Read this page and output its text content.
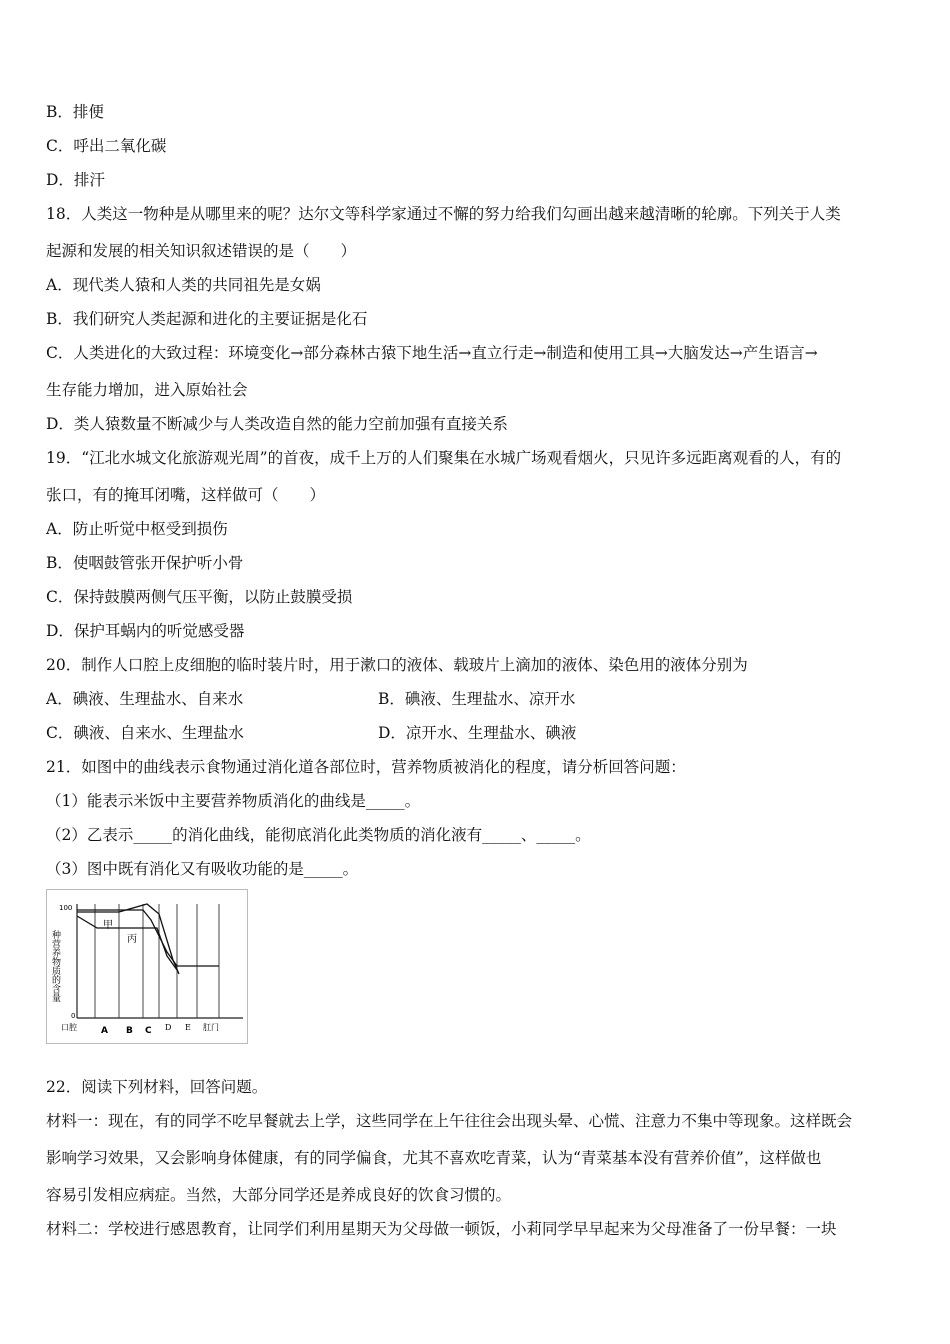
B．排便
C．呼出二氧化碳
D．排汗
18．人类这一物种是从哪里来的呢？达尔文等科学家通过不懈的努力给我们勾画出越来越清晰的轮廓。下列关于人类
起源和发展的相关知识叙述错误的是（　　）
A．现代类人猿和人类的共同祖先是女娲
B．我们研究人类起源和进化的主要证据是化石
C．人类进化的大致过程：环境变化→部分森林古猿下地生活→直立行走→制造和使用工具→大脑发达→产生语言→
生存能力增加，进入原始社会
D．类人猿数量不断减少与人类改造自然的能力空前加强有直接关系
19．“江北水城文化旅游观光周”的首夜，成千上万的人们聚集在水城广场观看烟火，只见许多远距离观看的人，有的
张口，有的掩耳闭嘴，这样做可（　　）
A．防止听觉中枢受到损伤
B．使咽鼓管张开保护听小骨
C．保持鼓膜两侧气压平衡，以防止鼓膜受损
D．保护耳蜗内的听觉感受器
20．制作人口腔上皮细胞的临时装片时，用于漱口的液体、载玻片上滴加的液体、染色用的液体分别为
A．碘液、生理盐水、自来水	B．碘液、生理盐水、凉开水
C．碘液、自来水、生理盐水	D．凉开水、生理盐水、碘液
21．如图中的曲线表示食物通过消化道各部位时，营养物质被消化的程度，请分析回答问题：
（1）能表示米饭中主要营养物质消化的曲线是_____。
（2）乙表示_____的消化曲线，能彻底消化此类物质的消化液有_____、_____。
（3）图中既有消化又有吸收功能的是_____。
甲
丙
100
0
种营养物质的含量
口腔	A B C D E 肛门
22．阅读下列材料，回答问题。
材料一：现在，有的同学不吃早餐就去上学，这些同学在上午往往会出现头晕、心慌、注意力不集中等现象。这样既会
影响学习效果，又会影响身体健康，有的同学偏食，尤其不喜欢吃青菜，认为“青菜基本没有营养价值”，这样做也
容易引发相应病症。当然，大部分同学还是养成良好的饮食习惯的。
材料二：学校进行感恩教育，让同学们利用星期天为父母做一顿饭，小莉同学早早起来为父母准备了一份早餐：一块
